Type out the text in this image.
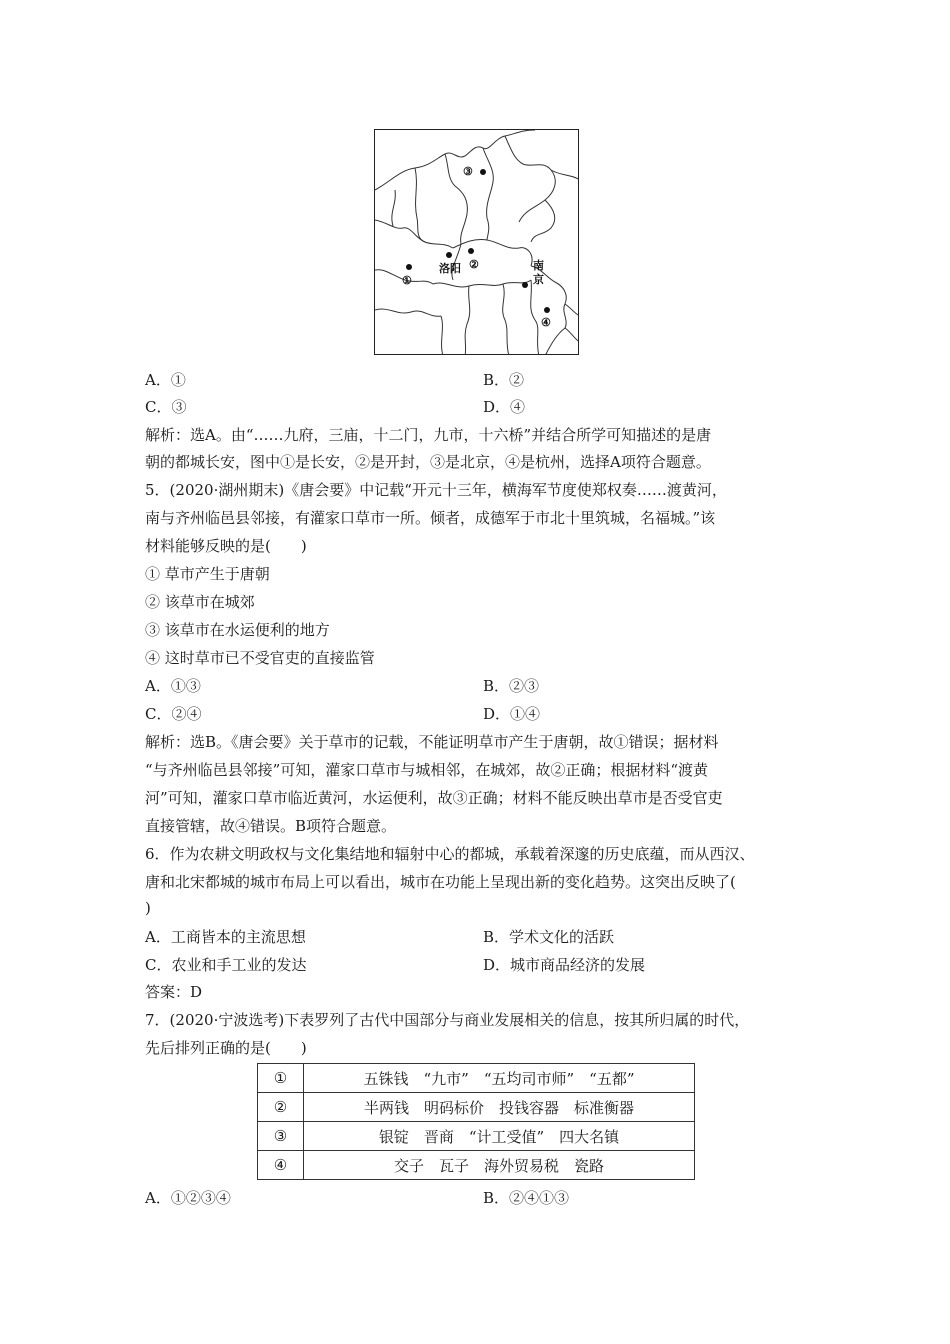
③
①
洛阳 ②	南
京
④
A．①	B．②
C．③	D．④
解析：选A。由“……九府，三庙，十二门，九市，十六桥”并结合所学可知描述的是唐
朝的都城长安，图中①是长安，②是开封，③是北京，④是杭州，选择A项符合题意。
5．(2020·湖州期末)《唐会要》中记载“开元十三年，横海军节度使郑权奏……渡黄河，
南与齐州临邑县邻接，有灌家口草市一所。倾者，成德军于市北十里筑城，名福城。”该
材料能够反映的是(　　)
① 草市产生于唐朝
② 该草市在城郊
③ 该草市在水运便利的地方
④ 这时草市已不受官吏的直接监管
A．①③	B．②③
C．②④	D．①④
解析：选B。《唐会要》关于草市的记载，不能证明草市产生于唐朝，故①错误；据材料
“与齐州临邑县邻接”可知，灌家口草市与城相邻，在城郊，故②正确；根据材料“渡黄
河”可知，灌家口草市临近黄河，水运便利，故③正确；材料不能反映出草市是否受官吏
直接管辖，故④错误。B项符合题意。
6．作为农耕文明政权与文化集结地和辐射中心的都城，承载着深邃的历史底蕴，而从西汉、
唐和北宋都城的城市布局上可以看出，城市在功能上呈现出新的变化趋势。这突出反映了(
)
A．工商皆本的主流思想	B．学术文化的活跃
C．农业和手工业的发达	D．城市商品经济的发展
答案：D
7．(2020·宁波选考)下表罗列了古代中国部分与商业发展相关的信息，按其所归属的时代，
先后排列正确的是(　　)
①	五铢钱　“九市”　“五均司市师”　“五都”
②	半两钱　明码标价　投钱容器　标准衡器
③	银锭　晋商　“计工受值”　四大名镇
④	交子　瓦子　海外贸易税　瓷路
A．①②③④	B．②④①③
